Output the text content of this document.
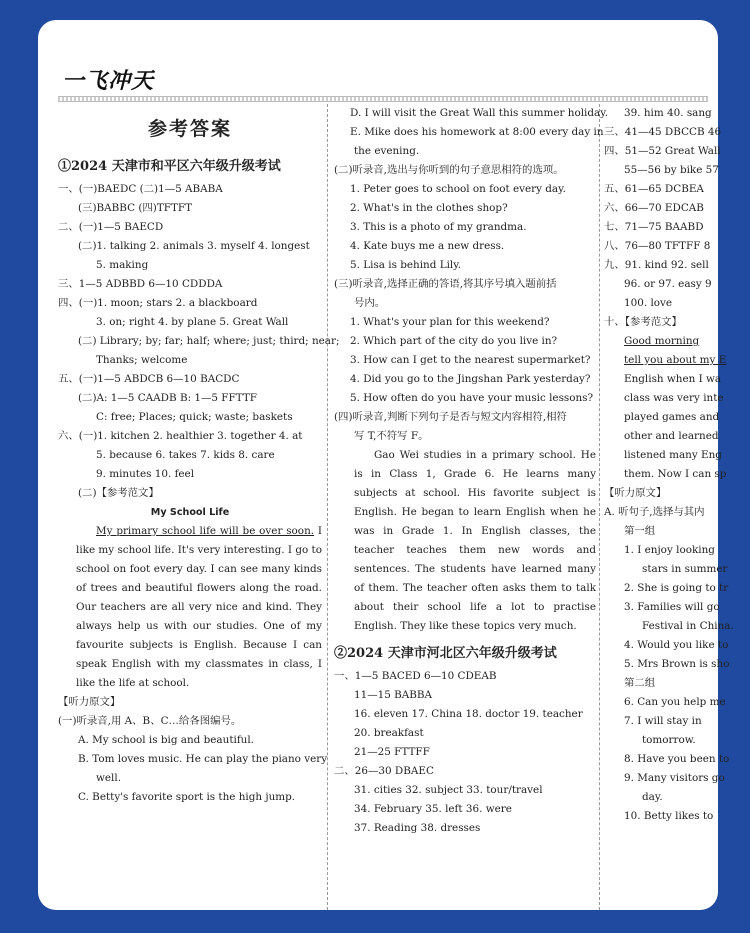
一飞冲天
参考答案
①2024 天津市和平区六年级升级考试
一、(一)BAEDC (二)1—5 ABABA
(三)BABBC (四)TFTFT
二、(一)1—5 BAECD
(二)1. talking 2. animals 3. myself 4. longest
5. making
三、1—5 ADBBD 6—10 CDDDA
四、(一)1. moon; stars 2. a blackboard
3. on; right 4. by plane 5. Great Wall
(二) Library; by; far; half; where; just; third; near;
Thanks; welcome
五、(一)1—5 ABDCB 6—10 BACDC
(二)A: 1—5 CAADB B: 1—5 FFTTF
C: free; Places; quick; waste; baskets
六、(一)1. kitchen 2. healthier 3. together 4. at
5. because 6. takes 7. kids 8. care
9. minutes 10. feel
(二)【参考范文】
My School Life
My primary school life will be over soon. I like my school life. It's very interesting. I go to school on foot every day. I can see many kinds of trees and beautiful flowers along the road. Our teachers are all very nice and kind. They always help us with our studies. One of my favourite subjects is English. Because I can speak English with my classmates in class, I like the life at school.
【听力原文】
(一)听录音,用 A、B、C…给各图编号。
A. My school is big and beautiful.
B. Tom loves music. He can play the piano very
well.
C. Betty's favorite sport is the high jump.
D. I will visit the Great Wall this summer holiday.
E. Mike does his homework at 8:00 every day in
the evening.
(二)听录音,选出与你听到的句子意思相符的选项。
1. Peter goes to school on foot every day.
2. What's in the clothes shop?
3. This is a photo of my grandma.
4. Kate buys me a new dress.
5. Lisa is behind Lily.
(三)听录音,选择正确的答语,将其序号填入题前括
号内。
1. What's your plan for this weekend?
2. Which part of the city do you live in?
3. How can I get to the nearest supermarket?
4. Did you go to the Jingshan Park yesterday?
5. How often do you have your music lessons?
(四)听录音,判断下列句子是否与短文内容相符,相符
写 T,不符写 F。
Gao Wei studies in a primary school. He is in Class 1, Grade 6. He learns many subjects at school. His favorite subject is English. He began to learn English when he was in Grade 1. In English classes, the teacher teaches them new words and sentences. The students have learned many of them. The teacher often asks them to talk about their school life a lot to practise English. They like these topics very much.
②2024 天津市河北区六年级升级考试
一、1—5 BACED 6—10 CDEAB
11—15 BABBA
16. eleven 17. China 18. doctor 19. teacher
20. breakfast
21—25 FTTFF
二、26—30 DBAEC
31. cities 32. subject 33. tour/travel
34. February 35. left 36. were
37. Reading 38. dresses
39. him 40. sang
三、41—45 DBCCB 46
四、51—52 Great Wall
55—56 by bike 57
五、61—65 DCBEA
六、66—70 EDCAB
七、71—75 BAABD
八、76—80 TFTFF 8
九、91. kind 92. sell
96. or 97. easy 9
100. love
十、【参考范文】
Good morning
tell you about my E
English when I wa
class was very inte
played games and
other and learned
listened many Eng
them. Now I can sp
【听力原文】
A. 听句子,选择与其内
第一组
1. I enjoy looking
stars in summer
2. She is going to tr
3. Families will go
Festival in China.
4. Would you like to
5. Mrs Brown is sho
第二组
6. Can you help me
7. I will stay in
tomorrow.
8. Have you been to
9. Many visitors go
day.
10. Betty likes to
